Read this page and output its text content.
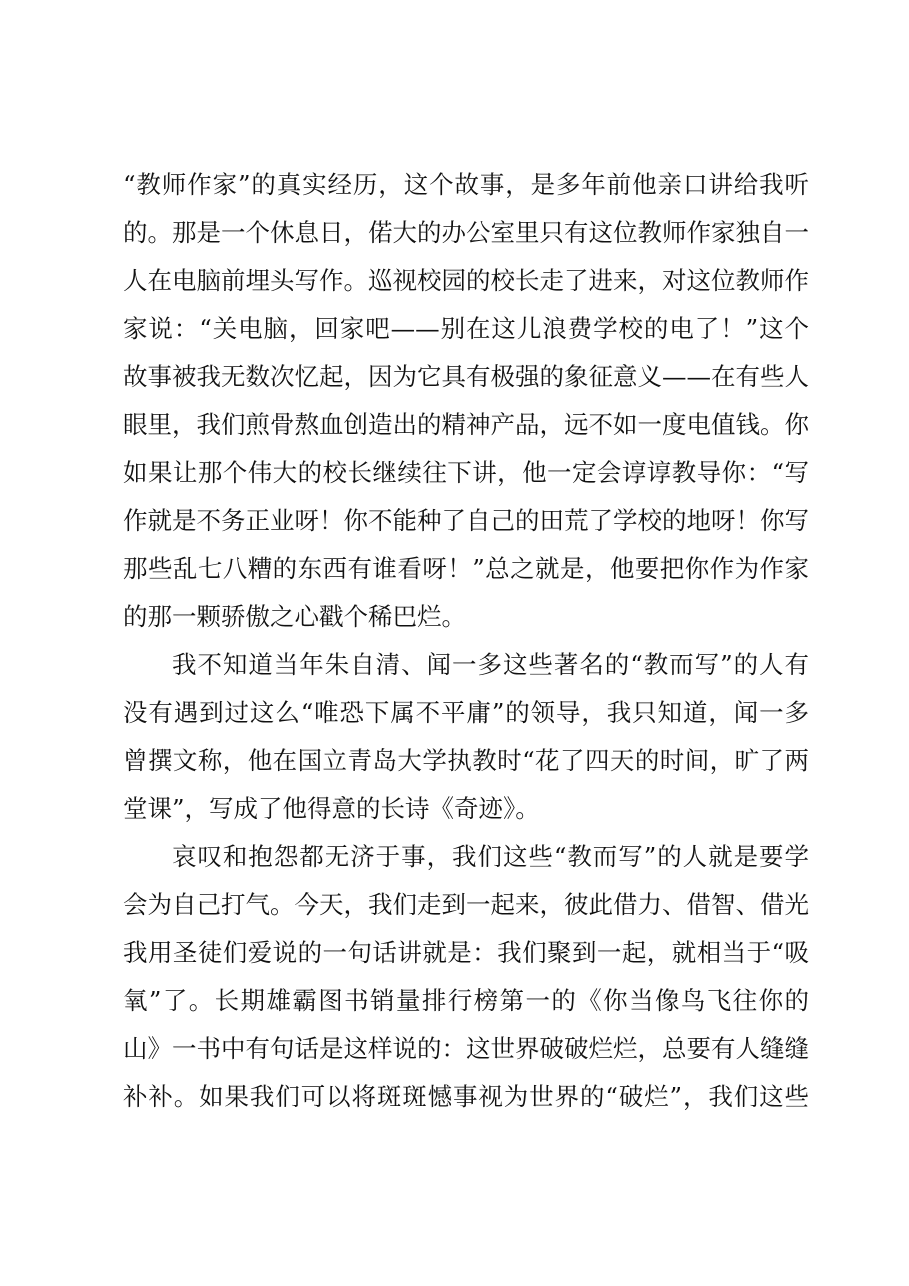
“教师作家”的真实经历，这个故事，是多年前他亲口讲给我听
的。那是一个休息日，偌大的办公室里只有这位教师作家独自一
人在电脑前埋头写作。巡视校园的校长走了进来，对这位教师作
家说：“关电脑，回家吧——别在这儿浪费学校的电了！”这个
故事被我无数次忆起，因为它具有极强的象征意义——在有些人
眼里，我们煎骨熬血创造出的精神产品，远不如一度电值钱。你
如果让那个伟大的校长继续往下讲，他一定会谆谆教导你：“写
作就是不务正业呀！你不能种了自己的田荒了学校的地呀！你写
那些乱七八糟的东西有谁看呀！”总之就是，他要把你作为作家
的那一颗骄傲之心戳个稀巴烂。
我不知道当年朱自清、闻一多这些著名的“教而写”的人有
没有遇到过这么“唯恐下属不平庸”的领导，我只知道，闻一多
曾撰文称，他在国立青岛大学执教时“花了四天的时间，旷了两
堂课”，写成了他得意的长诗《奇迹》。
哀叹和抱怨都无济于事，我们这些“教而写”的人就是要学
会为自己打气。今天，我们走到一起来，彼此借力、借智、借光
我用圣徒们爱说的一句话讲就是：我们聚到一起，就相当于“吸
氧”了。长期雄霸图书销量排行榜第一的《你当像鸟飞往你的
山》一书中有句话是这样说的：这世界破破烂烂，总要有人缝缝
补补。如果我们可以将斑斑憾事视为世界的“破烂”，我们这些
